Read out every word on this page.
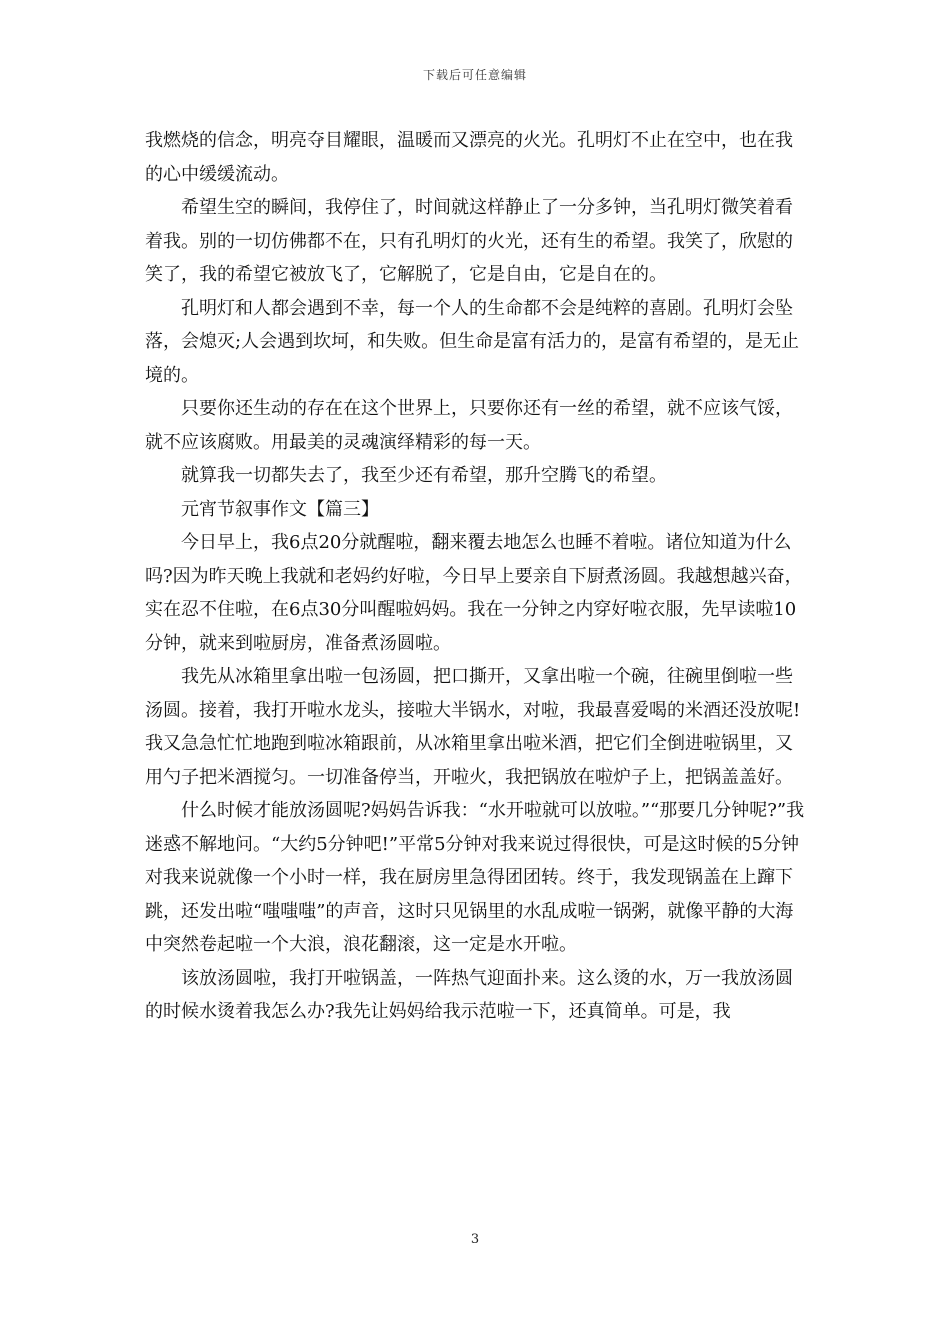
下载后可任意编辑

我燃烧的信念，明亮夺目耀眼，温暖而又漂亮的火光。孔明灯不止在空中，也在我的心中缓缓流动。

希望生空的瞬间，我停住了，时间就这样静止了一分多钟，当孔明灯微笑着看着我。别的一切仿佛都不在，只有孔明灯的火光，还有生的希望。我笑了，欣慰的笑了，我的希望它被放飞了，它解脱了，它是自由，它是自在的。

孔明灯和人都会遇到不幸，每一个人的生命都不会是纯粹的喜剧。孔明灯会坠落，会熄灭;人会遇到坎坷，和失败。但生命是富有活力的，是富有希望的，是无止境的。

只要你还生动的存在在这个世界上，只要你还有一丝的希望，就不应该气馁，就不应该腐败。用最美的灵魂演绎精彩的每一天。

就算我一切都失去了，我至少还有希望，那升空腾飞的希望。

元宵节叙事作文【篇三】

今日早上，我6点20分就醒啦，翻来覆去地怎么也睡不着啦。诸位知道为什么吗?因为昨天晚上我就和老妈约好啦，今日早上要亲自下厨煮汤圆。我越想越兴奋，实在忍不住啦，在6点30分叫醒啦妈妈。我在一分钟之内穿好啦衣服，先早读啦10分钟，就来到啦厨房，准备煮汤圆啦。

我先从冰箱里拿出啦一包汤圆，把口撕开，又拿出啦一个碗，往碗里倒啦一些汤圆。接着，我打开啦水龙头，接啦大半锅水，对啦，我最喜爱喝的米酒还没放呢!我又急急忙忙地跑到啦冰箱跟前，从冰箱里拿出啦米酒，把它们全倒进啦锅里，又用勺子把米酒搅匀。一切准备停当，开啦火，我把锅放在啦炉子上，把锅盖盖好。

什么时候才能放汤圆呢?妈妈告诉我：“水开啦就可以放啦。”“那要几分钟呢?”我迷惑不解地问。“大约5分钟吧!”平常5分钟对我来说过得很快，可是这时候的5分钟对我来说就像一个小时一样，我在厨房里急得团团转。终于，我发现锅盖在上蹿下跳，还发出啦“嗤嗤嗤”的声音，这时只见锅里的水乱成啦一锅粥，就像平静的大海中突然卷起啦一个大浪，浪花翻滚，这一定是水开啦。

该放汤圆啦，我打开啦锅盖，一阵热气迎面扑来。这么烫的水，万一我放汤圆的时候水烫着我怎么办?我先让妈妈给我示范啦一下，还真简单。可是，我

3
